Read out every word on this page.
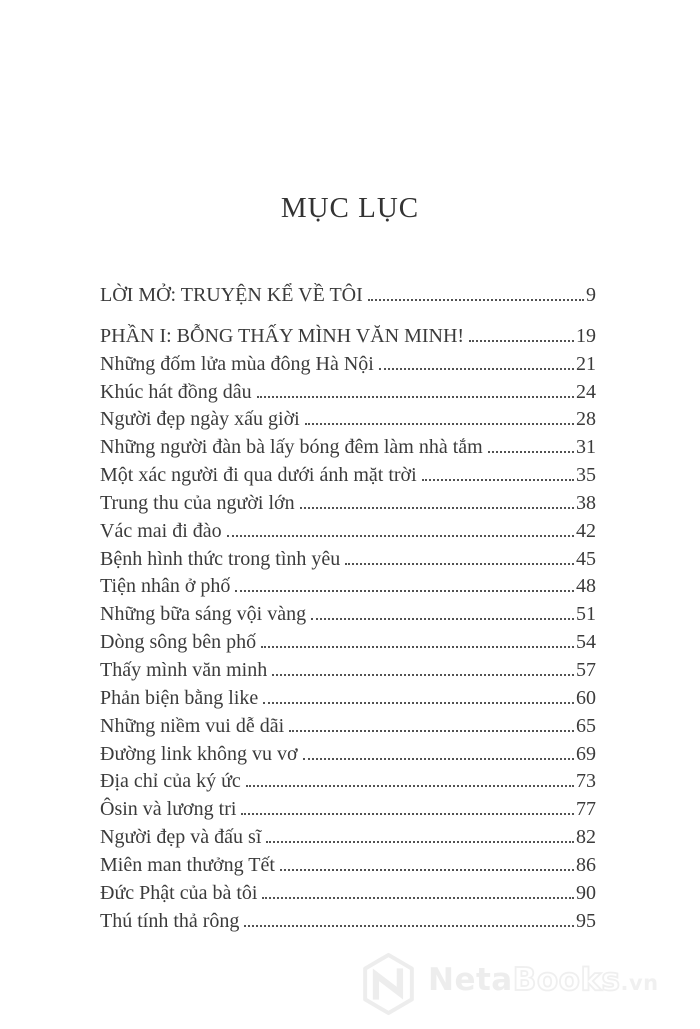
MỤC LỤC
LỜI MỞ: TRUYỆN KỂ VỀ TÔI	9
PHẦN I: BỖNG THẤY MÌNH VĂN MINH!	19
Những đốm lửa mùa đông Hà Nội	21
Khúc hát đồng dâu	24
Người đẹp ngày xấu giời	28
Những người đàn bà lấy bóng đêm làm nhà tắm	31
Một xác người đi qua dưới ánh mặt trời	35
Trung thu của người lớn	38
Vác mai đi đào	42
Bệnh hình thức trong tình yêu	45
Tiện nhân ở phố	48
Những bữa sáng vội vàng	51
Dòng sông bên phố	54
Thấy mình văn minh	57
Phản biện bằng like	60
Những niềm vui dễ dãi	65
Đường link không vu vơ	69
Địa chỉ của ký ức	73
Ôsin và lương tri	77
Người đẹp và đấu sĩ	82
Miên man thưởng Tết	86
Đức Phật của bà tôi	90
Thú tính thả rông	95
NetaBooks.vn
